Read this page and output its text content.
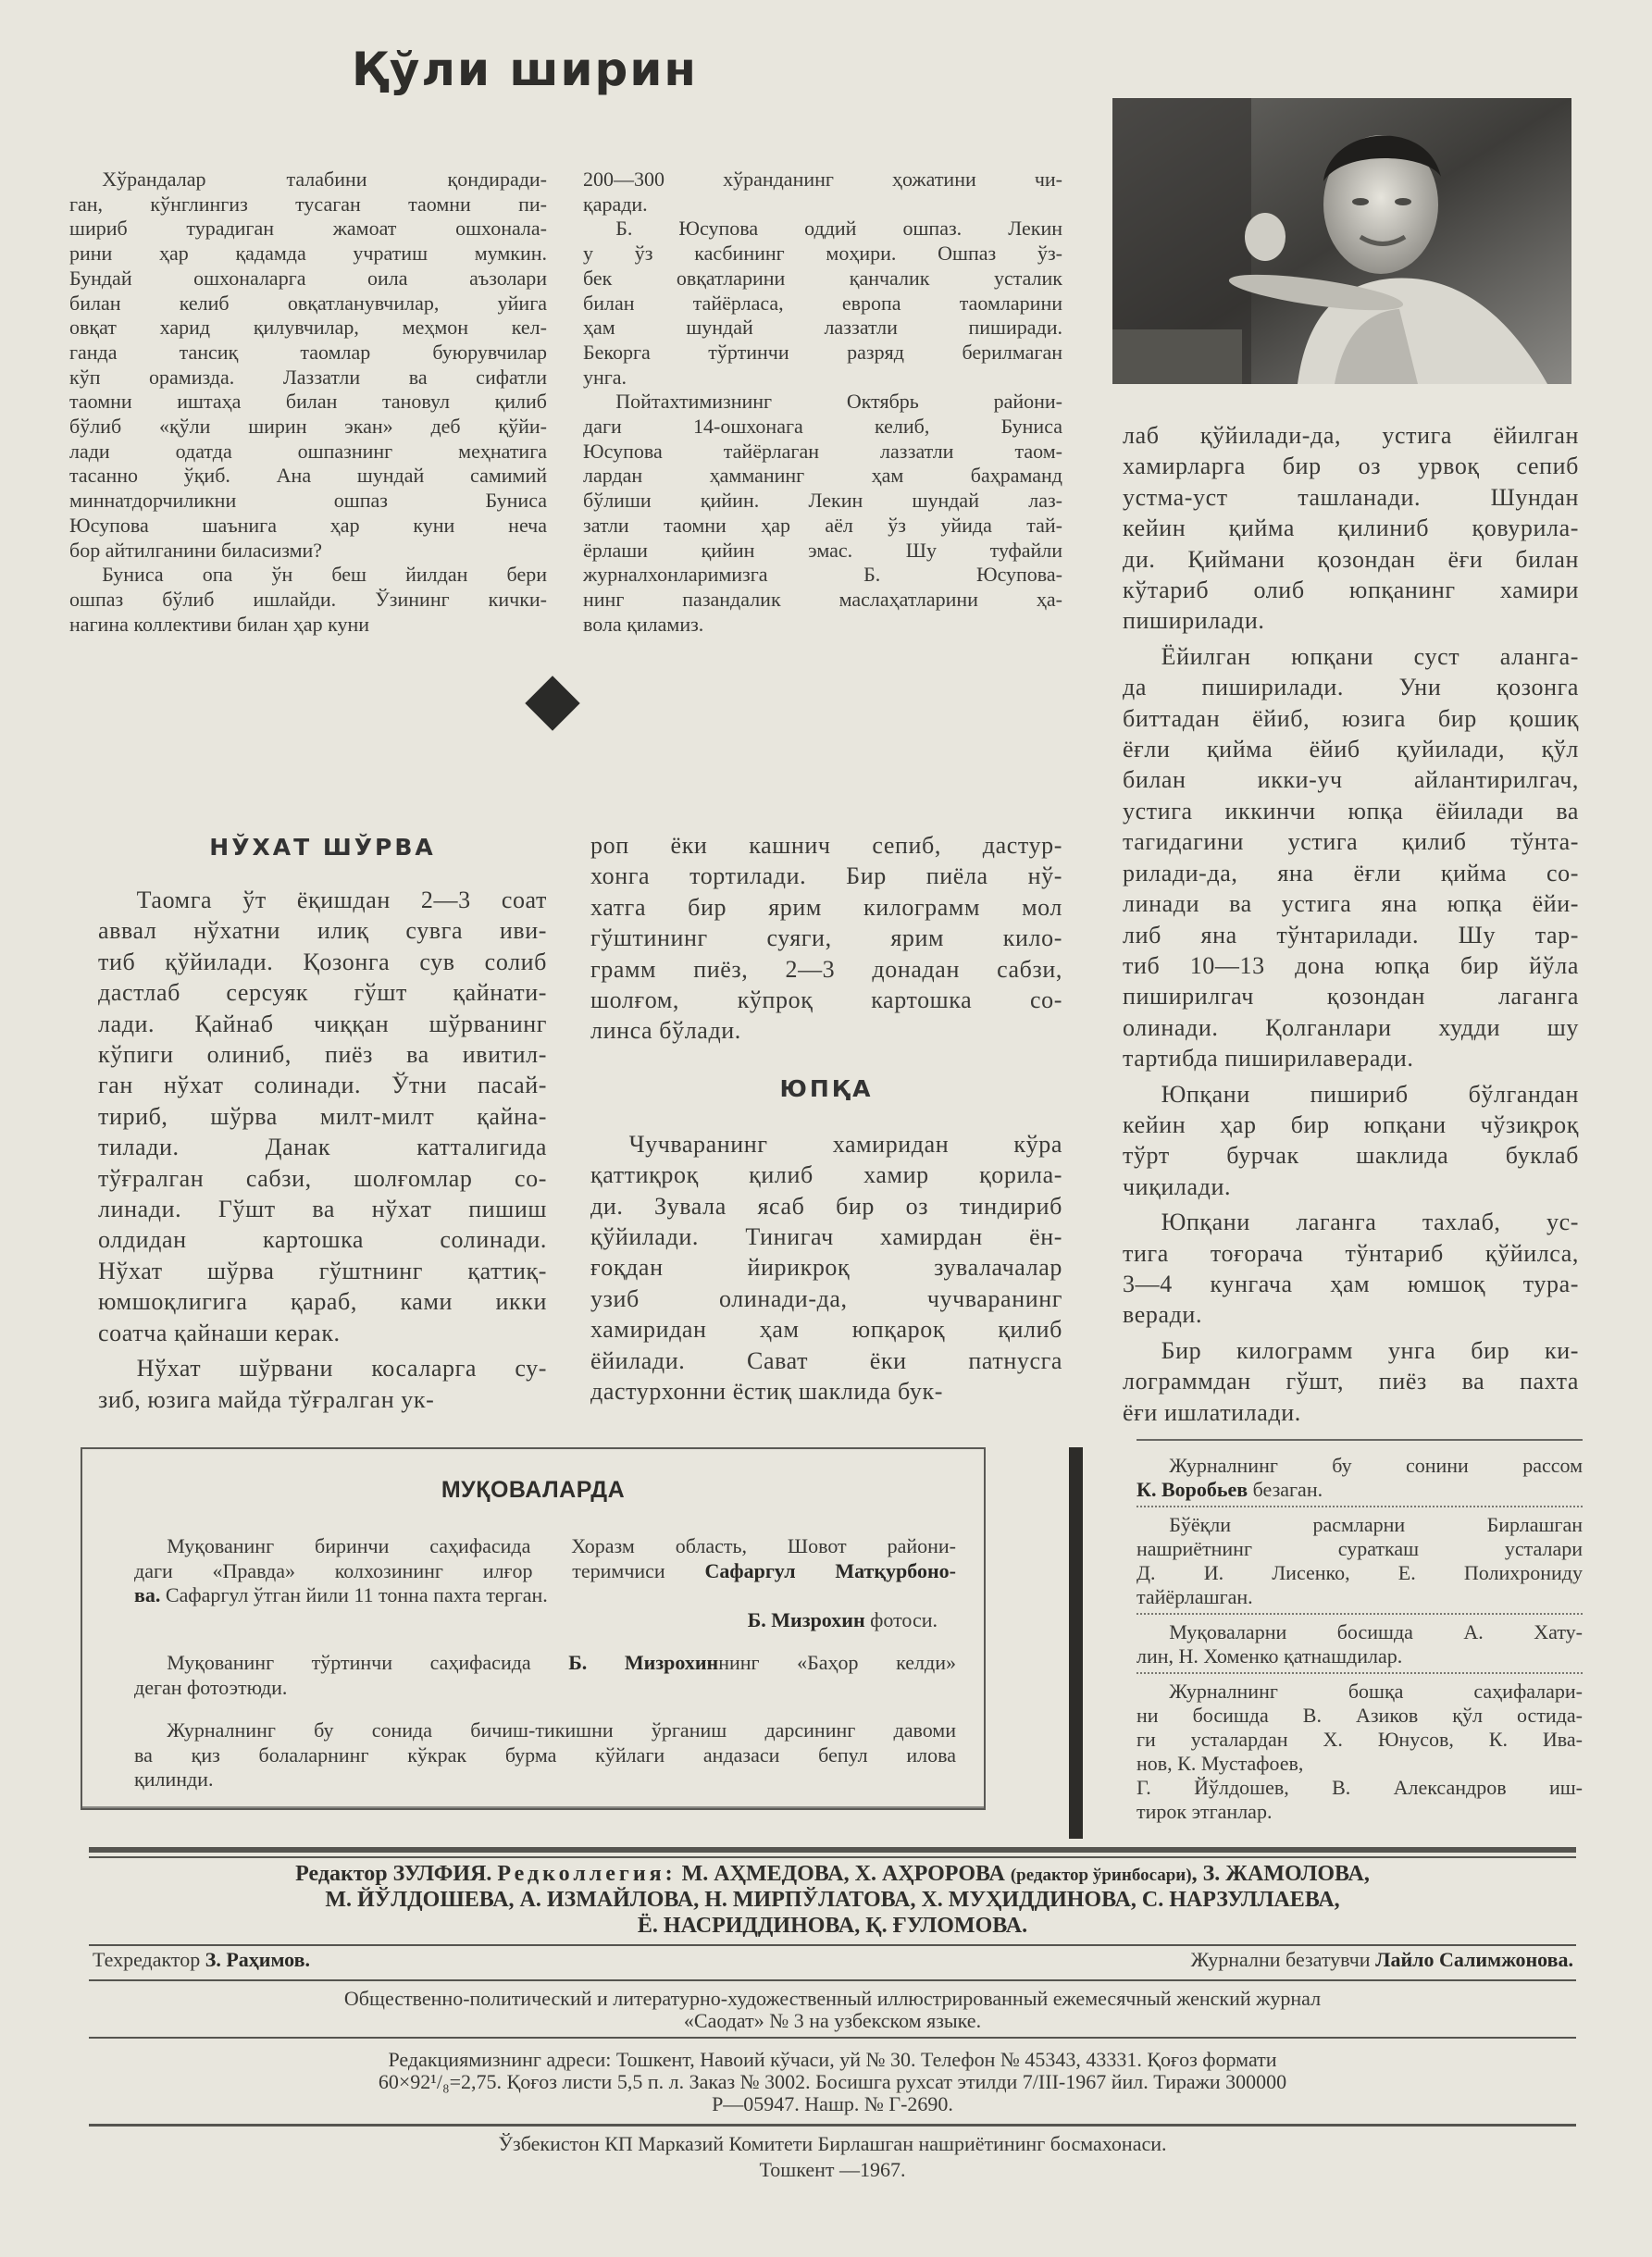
Қўли ширин
Хўрандалар талабини қондиради-
ган, кўнглингиз тусаган таомни пи-
шириб турадиган жамоат ошхонала-
рини ҳар қадамда учратиш мумкин.
Бундай ошхоналарга оила аъзолари
билан келиб овқатланувчилар, уйига
овқат харид қилувчилар, меҳмон кел-
ганда тансиқ таомлар буюрувчилар
кўп орамизда. Лаззатли ва сифатли
таомни иштаҳа билан тановул қилиб
бўлиб «қўли ширин экан» деб қўйи-
лади одатда ошпазнинг меҳнатига
тасанно ўқиб. Ана шундай самимий
миннатдорчиликни ошпаз Буниса
Юсупова шаънига ҳар куни неча
бор айтилганини биласизми?
Буниса опа ўн беш йилдан бери
ошпаз бўлиб ишлайди. Ўзининг кички-
нагина коллективи билан ҳар куни
200—300 хўранданинг ҳожатини чи-
қаради.
Б. Юсупова оддий ошпаз. Лекин
у ўз касбининг моҳири. Ошпаз ўз-
бек овқатларини қанчалик усталик
билан тайёрласа, европа таомларини
ҳам шундай лаззатли пиширади.
Бекорга тўртинчи разряд берилмаган
унга.
Пойтахтимизнинг Октябрь райони-
даги 14-ошхонага келиб, Буниса
Юсупова тайёрлаган лаззатли таом-
лардан ҳамманинг ҳам баҳраманд
бўлиши қийин. Лекин шундай лаз-
затли таомни ҳар аёл ўз уйида тай-
ёрлаши қийин эмас. Шу туфайли
журналхонларимизга Б. Юсупова-
нинг пазандалик маслаҳатларини ҳа-
вола қиламиз.
лаб қўйилади-да, устига ёйилган
хамирларга бир оз урвоқ сепиб
устма-уст ташланади. Шундан
кейин қийма қилиниб қовурила-
ди. Қиймани қозондан ёғи билан
кўтариб олиб юпқанинг хамири
пиширилади.
Ёйилган юпқани суст аланга-
да пиширилади. Уни қозонга
биттадан ёйиб, юзига бир қошиқ
ёғли қийма ёйиб қуйилади, қўл
билан икки-уч айлантирилгач,
устига иккинчи юпқа ёйилади ва
тагидагини устига қилиб тўнта-
рилади-да, яна ёғли қийма со-
линади ва устига яна юпқа ёйи-
либ яна тўнтарилади. Шу тар-
тиб 10—13 дона юпқа бир йўла
пиширилгач қозондан лаганга
олинади. Қолганлари худди шу
тартибда пиширилаверади.
Юпқани пишириб бўлгандан
кейин ҳар бир юпқани чўзиқроқ
тўрт бурчак шаклида буклаб
чиқилади.
Юпқани лаганга тахлаб, ус-
тига тоғорача тўнтариб қўйилса,
3—4 кунгача ҳам юмшоқ тура-
веради.
Бир килограмм унга бир ки-
лограммдан гўшт, пиёз ва пахта
ёғи ишлатилади.
НЎХАТ ШЎРВА
Таомга ўт ёқишдан 2—3 соат
аввал нўхатни илиқ сувга иви-
тиб қўйилади. Қозонга сув солиб
дастлаб серсуяк гўшт қайнати-
лади. Қайнаб чиққан шўрванинг
кўпиги олиниб, пиёз ва ивитил-
ган нўхат солинади. Ўтни пасай-
тириб, шўрва милт-милт қайна-
тилади. Данак катталигида
тўғралган сабзи, шолғомлар со-
линади. Гўшт ва нўхат пишиш
олдидан картошка солинади.
Нўхат шўрва гўштнинг қаттиқ-
юмшоқлигига қараб, ками икки
соатча қайнаши керак.
Нўхат шўрвани косаларга су-
зиб, юзига майда тўғралган ук-
роп ёки кашнич сепиб, дастур-
хонга тортилади. Бир пиёла нў-
хатга бир ярим килограмм мол
гўштининг суяги, ярим кило-
грамм пиёз, 2—3 донадан сабзи,
шолғом, кўпроқ картошка со-
линса бўлади.
ЮПҚА
Чучваранинг хамиридан кўра
қаттиқроқ қилиб хамир қорила-
ди. Зувала ясаб бир оз тиндириб
қўйилади. Тинигач хамирдан ён-
ғоқдан йирикроқ зувалачалар
узиб олинади-да, чучваранинг
хамиридан ҳам юпқароқ қилиб
ёйилади. Сават ёки патнусга
дастурхонни ёстиқ шаклида бук-
МУҚОВАЛАРДА
Муқованинг биринчи саҳифасида Хоразм область, Шовот райони-
даги «Правда» колхозининг илғор теримчиси Сафаргул Матқурбоно-
ва. Сафаргул ўтган йили 11 тонна пахта терган.
Б. Мизрохин фотоси.
Муқованинг тўртинчи саҳифасида Б. Мизрохиннинг «Баҳор келди»
деган фотоэтюди.
Журналнинг бу сонида бичиш-тикишни ўрганиш дарсининг давоми
ва қиз болаларнинг кўкрак бурма кўйлаги андазаси бепул илова
қилинди.
Журналнинг бу сонини рассом
К. Воробьев безаган.
Бўёқли расмларни Бирлашган
нашриётнинг сураткаш усталари
Д. И. Лисенко, Е. Полихрониду
тайёрлашган.
Муқоваларни босишда А. Хату-
лин, Н. Хоменко қатнашдилар.
Журналнинг бошқа саҳифалари-
ни босишда В. Азиков қўл остида-
ги усталардан Х. Юнусов, К. Ива-
нов, К. Мустафоев,
Г. Йўлдошев, В. Александров иш-
тирок этганлар.
Редактор ЗУЛФИЯ. Редколлегия: М. АҲМЕДОВА, Х. АҲРОРОВА (редактор ўринбосари), З. ЖАМОЛОВА,
М. ЙЎЛДОШЕВА, А. ИЗМАЙЛОВА, Н. МИРПЎЛАТОВА, Х. МУҲИДДИНОВА, С. НАРЗУЛЛАЕВА,
Ё. НАСРИДДИНОВА, Қ. ҒУЛОМОВА.
Техредактор З. Раҳимов.	Журнални безатувчи Лайло Салимжонова.
Общественно-политический и литературно-художественный иллюстрированный ежемесячный женский журнал
«Саодат» № 3 на узбекском языке.
Редакциямизнинг адреси: Тошкент, Навоий кўчаси, уй № 30. Телефон № 45343, 43331. Қоғоз формати
60×92¹/₈=2,75. Қоғоз листи 5,5 п. л. Заказ № 3002. Босишга рухсат этилди 7/III-1967 йил. Тиражи 300000
Р—05947. Нашр. № Г-2690.
Ўзбекистон КП Марказий Комитети Бирлашган нашриётининг босмахонаси.
Тошкент —1967.
